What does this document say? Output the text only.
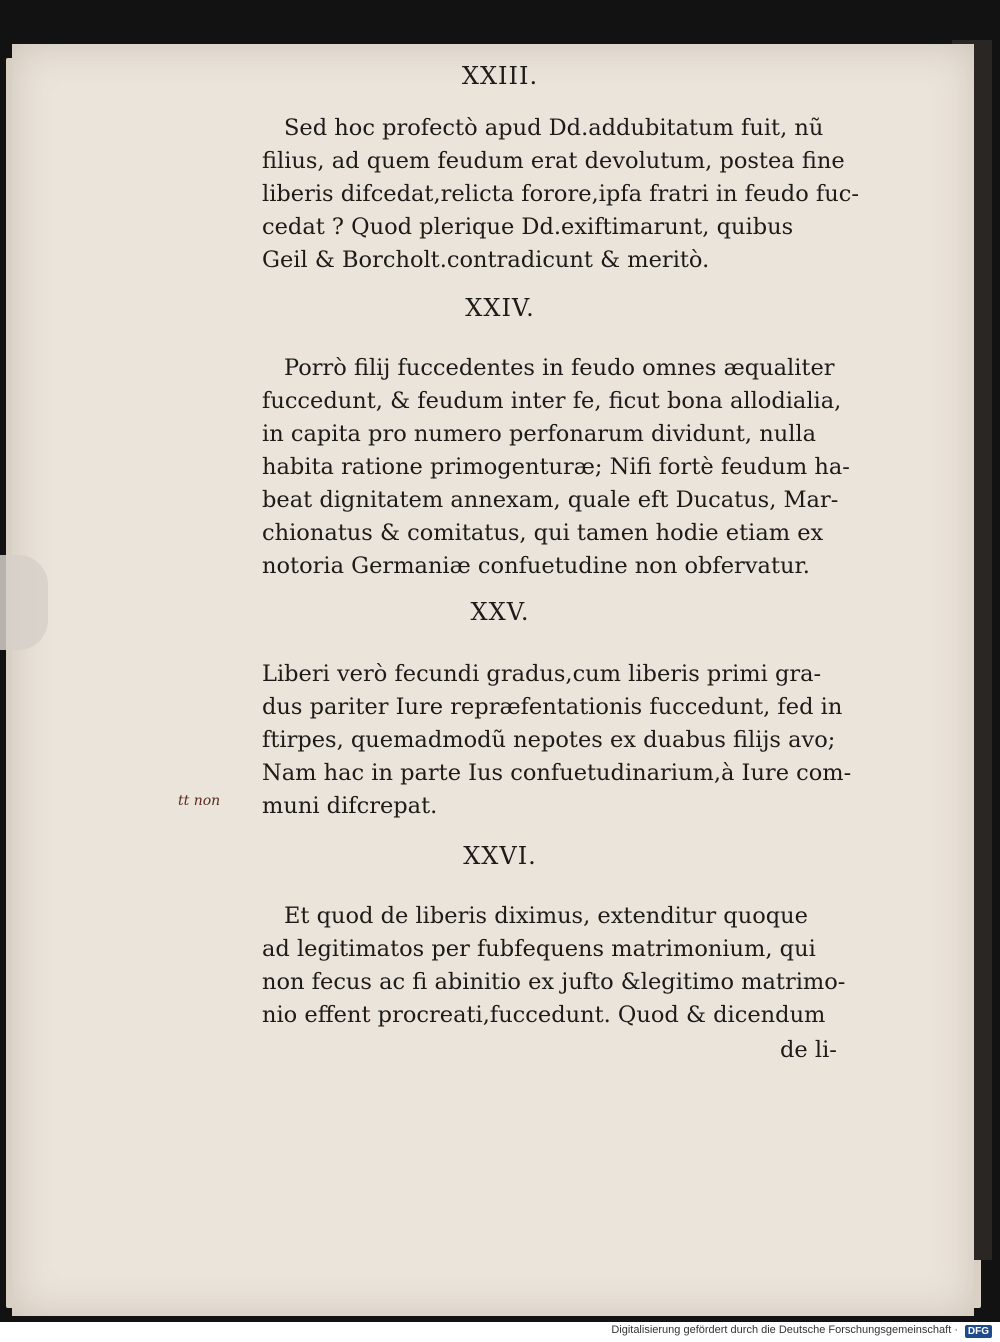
XXIII.
Sed hoc profectò apud Dd.addubitatum fuit, nũ
filius, ad quem feudum erat devolutum, postea fine
liberis difcedat,relicta forore,ipfa fratri in feudo fuc-
cedat ? Quod plerique Dd.exiftimarunt, quibus
Geil & Borcholt.contradicunt & meritò.
XXIV.
Porrò filij fuccedentes in feudo omnes æqualiter
fuccedunt, & feudum inter fe, ficut bona allodialia,
in capita pro numero perfonarum dividunt, nulla
habita ratione primogenturæ; Nifi fortè feudum ha-
beat dignitatem annexam, quale eft Ducatus, Mar-
chionatus & comitatus, qui tamen hodie etiam ex
notoria Germaniæ confuetudine non obfervatur.
XXV.
Liberi verò fecundi gradus,cum liberis primi gra-
dus pariter Iure repræfentationis fuccedunt, fed in
ftirpes, quemadmodũ nepotes ex duabus filijs avo;
Nam hac in parte Ius confuetudinarium,à Iure com-
muni difcrepat.
tt non
XXVI.
Et quod de liberis diximus, extenditur quoque
ad legitimatos per fubfequens matrimonium, qui
non fecus ac fi abinitio ex jufto &legitimo matrimo-
nio effent procreati,fuccedunt. Quod & dicendum
de li-
Digitalisierung gefördert durch die Deutsche Forschungsgemeinschaft · DFG
